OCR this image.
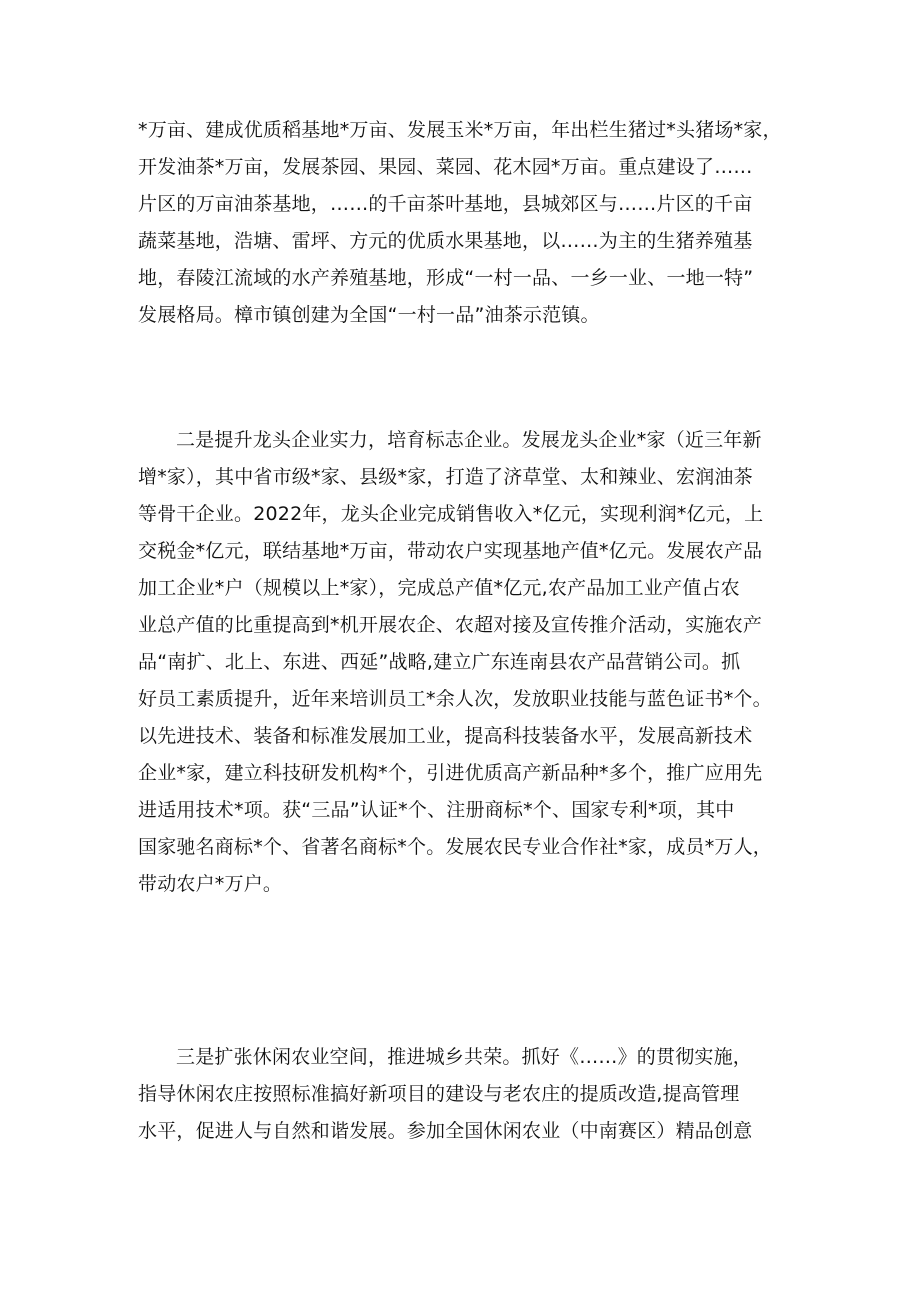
*万亩、建成优质稻基地*万亩、发展玉米*万亩，年出栏生猪过*头猪场*家，
开发油茶*万亩，发展茶园、果园、菜园、花木园*万亩。重点建设了……
片区的万亩油茶基地，……的千亩茶叶基地，县城郊区与……片区的千亩
蔬菜基地，浩塘、雷坪、方元的优质水果基地，以……为主的生猪养殖基
地，春陵江流域的水产养殖基地，形成“一村一品、一乡一业、一地一特”
发展格局。樟市镇创建为全国“一村一品”油茶示范镇。
二是提升龙头企业实力，培育标志企业。发展龙头企业*家（近三年新
增*家），其中省市级*家、县级*家，打造了济草堂、太和辣业、宏润油茶
等骨干企业。2022年，龙头企业完成销售收入*亿元，实现利润*亿元，上
交税金*亿元，联结基地*万亩，带动农户实现基地产值*亿元。发展农产品
加工企业*户（规模以上*家），完成总产值*亿元,农产品加工业产值占农
业总产值的比重提高到*机开展农企、农超对接及宣传推介活动，实施农产
品“南扩、北上、东进、西延”战略,建立广东连南县农产品营销公司。抓
好员工素质提升，近年来培训员工*余人次，发放职业技能与蓝色证书*个。
以先进技术、装备和标准发展加工业，提高科技装备水平，发展高新技术
企业*家，建立科技研发机构*个，引进优质高产新品种*多个，推广应用先
进适用技术*项。获“三品”认证*个、注册商标*个、国家专利*项，其中
国家驰名商标*个、省著名商标*个。发展农民专业合作社*家，成员*万人，
带动农户*万户。
三是扩张休闲农业空间，推进城乡共荣。抓好《……》的贯彻实施，
指导休闲农庄按照标准搞好新项目的建设与老农庄的提质改造,提高管理
水平，促进人与自然和谐发展。参加全国休闲农业（中南赛区）精品创意
